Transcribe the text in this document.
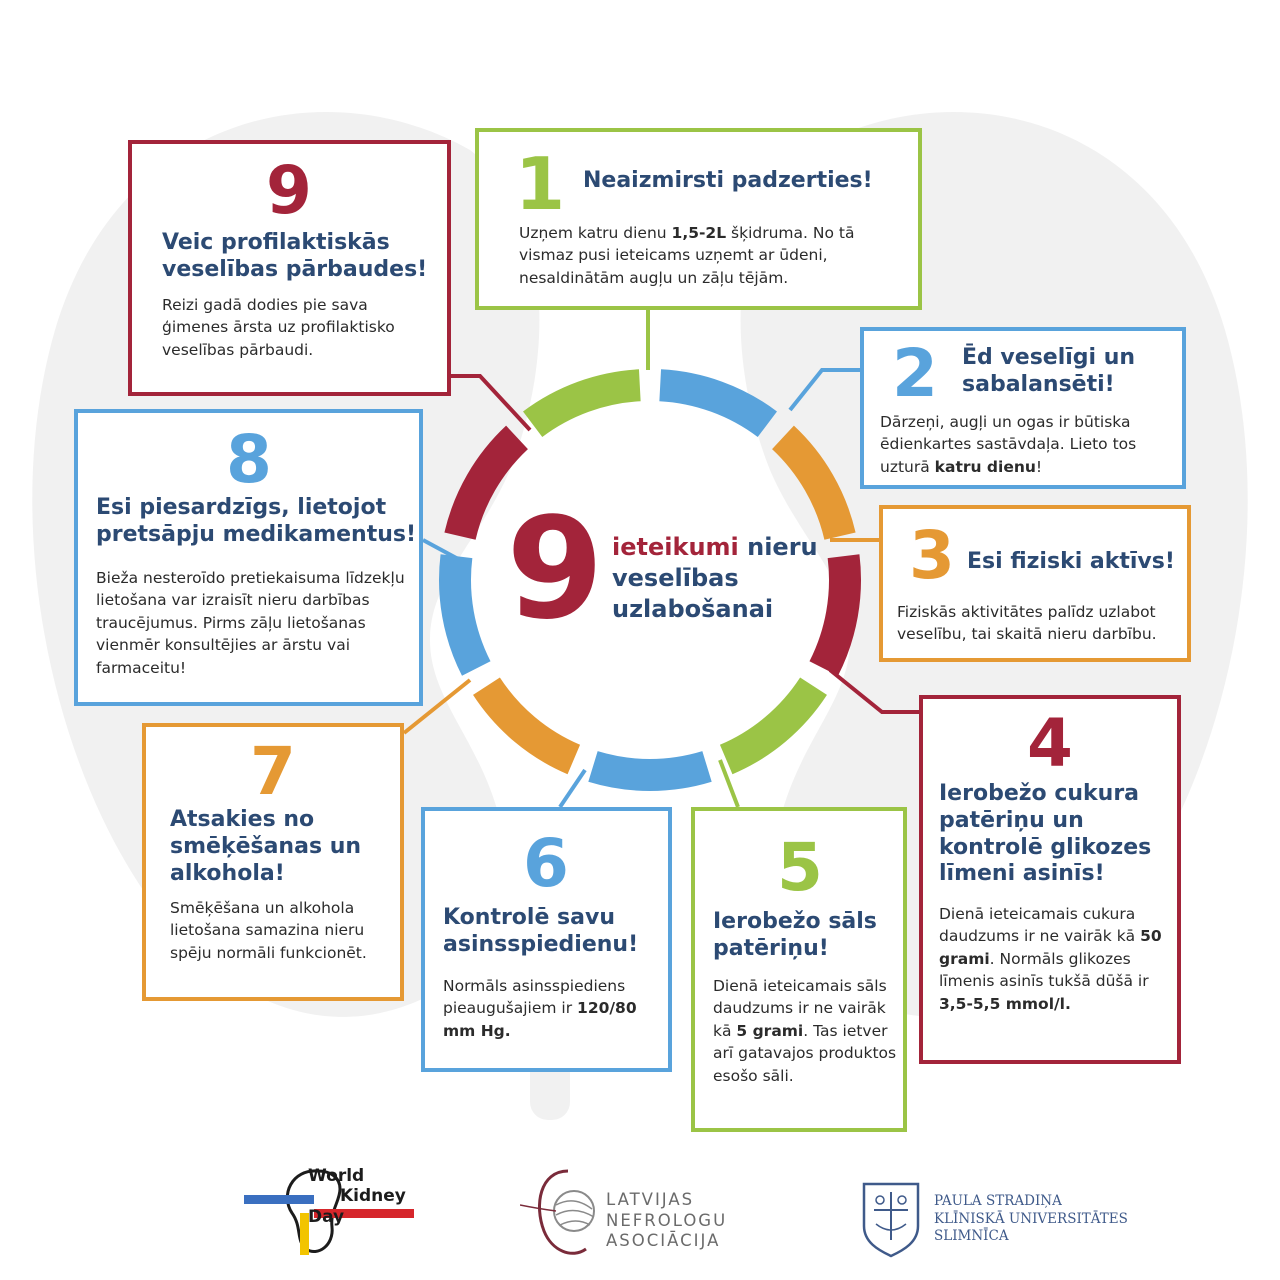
9 ieteikumi nieru
veselības
uzlabošanai
1 Neaizmirsti padzerties!
Uzņem katru dienu 1,5-2L šķidruma. No tā vismaz pusi ieteicams uzņemt ar ūdeni, nesaldinātām augļu un zāļu tējām.
2 Ēd veselīgi un sabalansēti!
Dārzeņi, augļi un ogas ir būtiska ēdienkartes sastāvdaļa. Lieto tos uzturā katru dienu!
3 Esi fiziski aktīvs!
Fiziskās aktivitātes palīdz uzlabot veselību, tai skaitā nieru darbību.
4
Ierobežo cukura patēriņu un kontrolē glikozes līmeni asinīs!
Dienā ieteicamais cukura daudzums ir ne vairāk kā 50 grami. Normāls glikozes līmenis asinīs tukšā dūšā ir 3,5-5,5 mmol/l.
5
Ierobežo sāls patēriņu!
Dienā ieteicamais sāls daudzums ir ne vairāk kā 5 grami. Tas ietver arī gatavajos produktos esošo sāli.
6
Kontrolē savu asinsspiedienu!
Normāls asinsspiediens pieaugušajiem ir 120/80 mm Hg.
7
Atsakies no smēķēšanas un alkohola!
Smēķēšana un alkohola lietošana samazina nieru spēju normāli funkcionēt.
8
Esi piesardzīgs, lietojot pretsāpju medikamentus!
Bieža nesteroīdo pretiekaisuma līdzekļu lietošana var izraisīt nieru darbības traucējumus. Pirms zāļu lietošanas vienmēr konsultējies ar ārstu vai farmaceitu!
9
Veic profilaktiskās veselības pārbaudes!
Reizi gadā dodies pie sava ģimenes ārsta uz profilaktisko veselības pārbaudi.
World
Kidney
Day
LATVIJAS
NEFROLOGU
ASOCIĀCIJA
PAULA STRADIŅA
KLĪNISKĀ UNIVERSITĀTES
SLIMNĪCA
